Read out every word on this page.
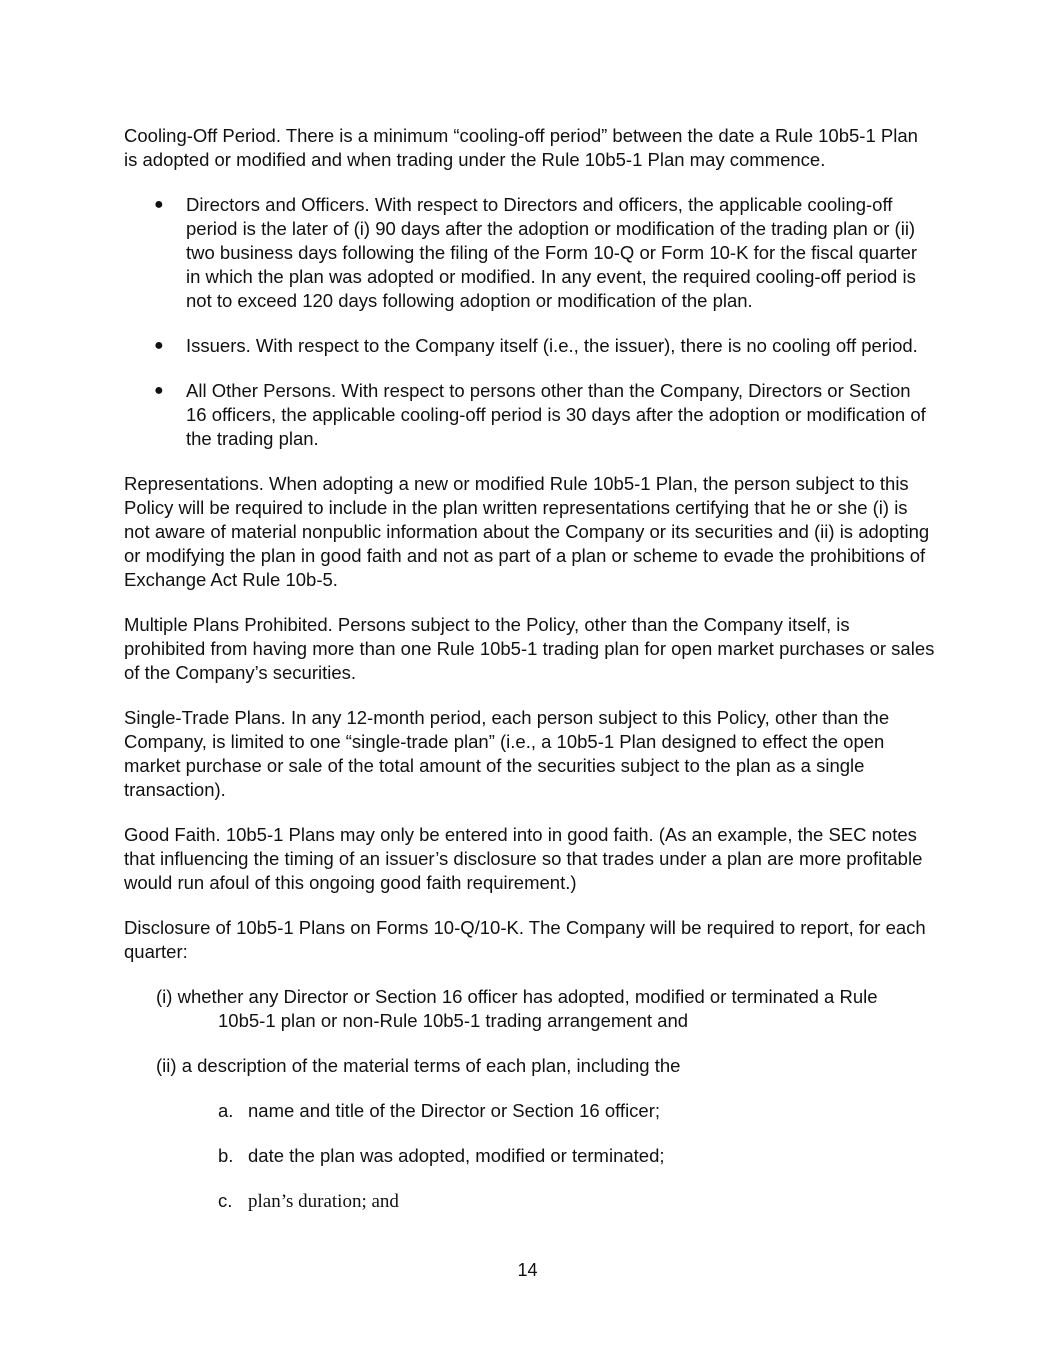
Cooling-Off Period. There is a minimum “cooling-off period” between the date a Rule 10b5-1 Plan is adopted or modified and when trading under the Rule 10b5-1 Plan may commence.

● Directors and Officers. With respect to Directors and officers, the applicable cooling-off period is the later of (i) 90 days after the adoption or modification of the trading plan or (ii) two business days following the filing of the Form 10-Q or Form 10-K for the fiscal quarter in which the plan was adopted or modified. In any event, the required cooling-off period is not to exceed 120 days following adoption or modification of the plan.
● Issuers. With respect to the Company itself (i.e., the issuer), there is no cooling off period.
● All Other Persons. With respect to persons other than the Company, Directors or Section 16 officers, the applicable cooling-off period is 30 days after the adoption or modification of the trading plan.

Representations. When adopting a new or modified Rule 10b5-1 Plan, the person subject to this Policy will be required to include in the plan written representations certifying that he or she (i) is not aware of material nonpublic information about the Company or its securities and (ii) is adopting or modifying the plan in good faith and not as part of a plan or scheme to evade the prohibitions of Exchange Act Rule 10b-5.

Multiple Plans Prohibited. Persons subject to the Policy, other than the Company itself, is prohibited from having more than one Rule 10b5-1 trading plan for open market purchases or sales of the Company’s securities.

Single-Trade Plans. In any 12-month period, each person subject to this Policy, other than the Company, is limited to one “single-trade plan” (i.e., a 10b5-1 Plan designed to effect the open market purchase or sale of the total amount of the securities subject to the plan as a single transaction).

Good Faith. 10b5-1 Plans may only be entered into in good faith. (As an example, the SEC notes that influencing the timing of an issuer’s disclosure so that trades under a plan are more profitable would run afoul of this ongoing good faith requirement.)

Disclosure of 10b5-1 Plans on Forms 10-Q/10-K. The Company will be required to report, for each quarter:

(i) whether any Director or Section 16 officer has adopted, modified or terminated a Rule
10b5-1 plan or non-Rule 10b5-1 trading arrangement and
(ii) a description of the material terms of each plan, including the
a. name and title of the Director or Section 16 officer;
b. date the plan was adopted, modified or terminated;
c. plan’s duration; and
14
